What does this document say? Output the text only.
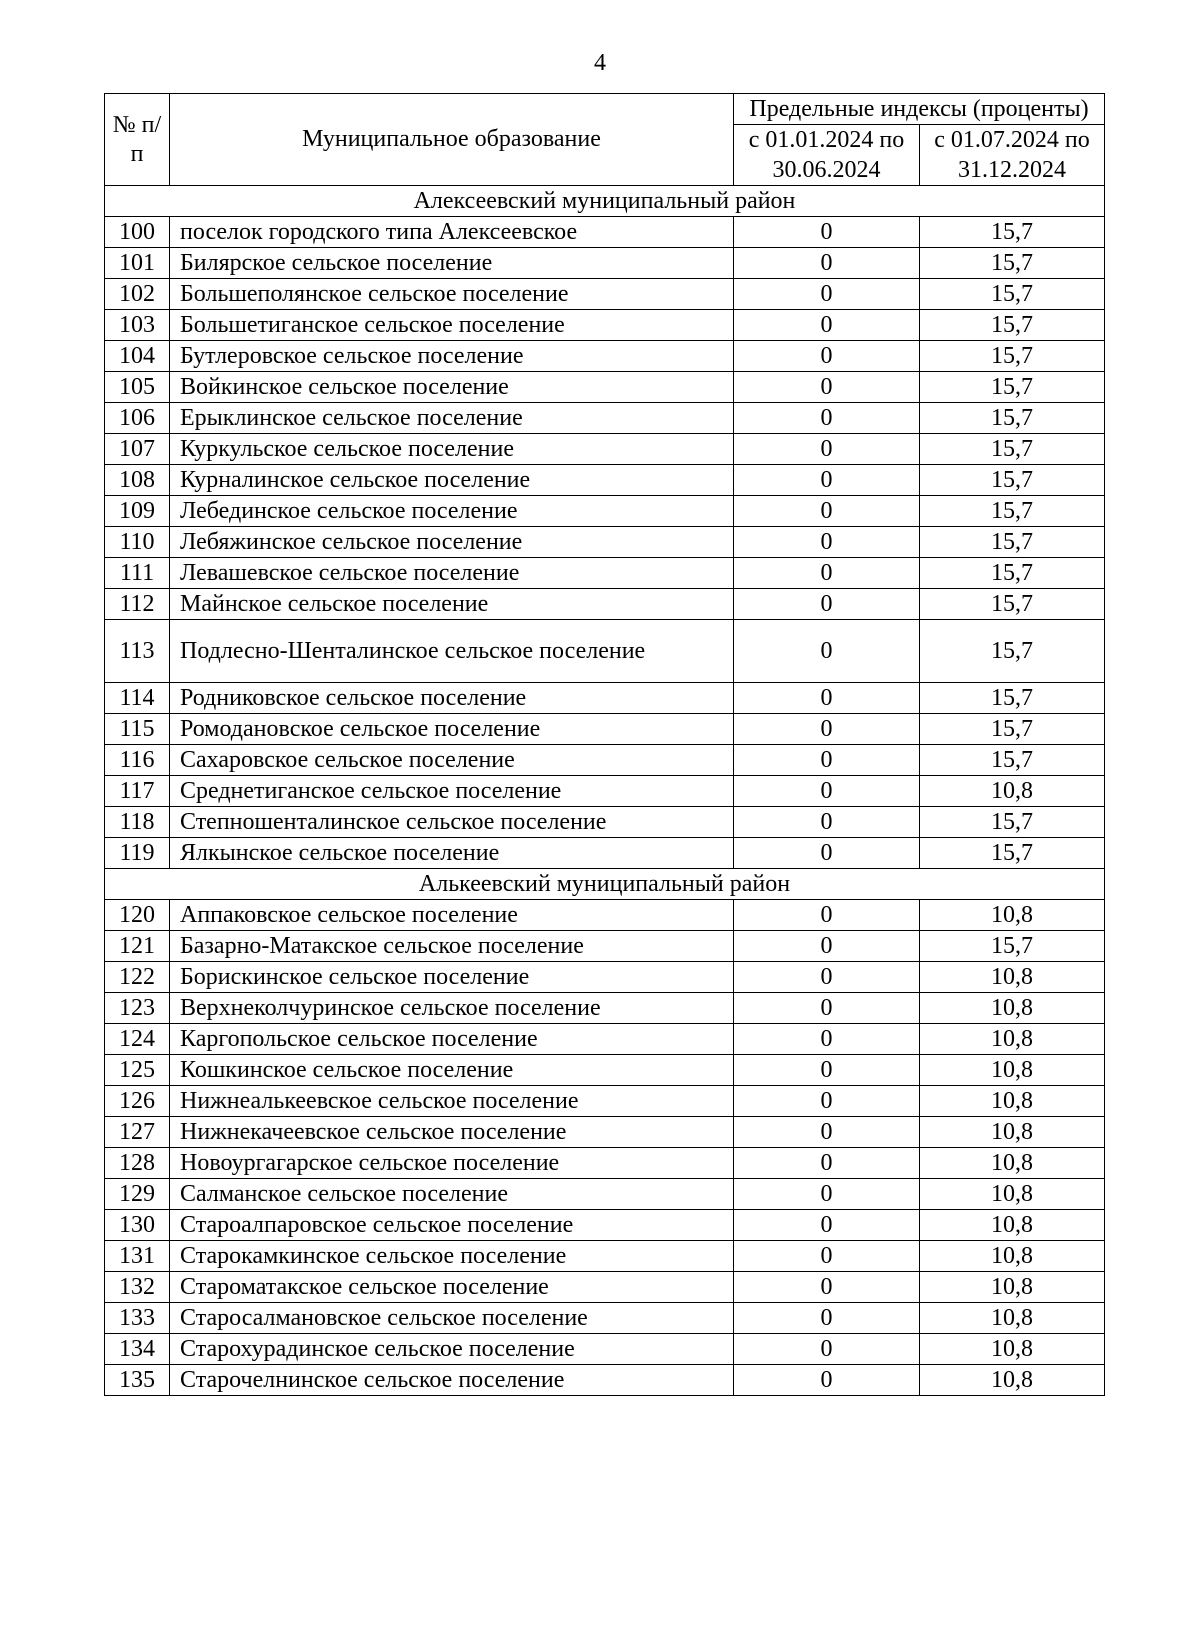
4
№ п/п	Муниципальное образование	Предельные индексы (проценты)	
		с 01.01.2024 по 30.06.2024	с 01.07.2024 по 31.12.2024
Алексеевский муниципальный район			
100	поселок городского типа Алексеевское	0	15,7
101	Билярское сельское поселение	0	15,7
102	Большеполянское сельское поселение	0	15,7
103	Большетиганское сельское поселение	0	15,7
104	Бутлеровское сельское поселение	0	15,7
105	Войкинское сельское поселение	0	15,7
106	Ерыклинское сельское поселение	0	15,7
107	Куркульское сельское поселение	0	15,7
108	Курналинское сельское поселение	0	15,7
109	Лебединское сельское поселение	0	15,7
110	Лебяжинское сельское поселение	0	15,7
111	Левашевское сельское поселение	0	15,7
112	Майнское сельское поселение	0	15,7
113	Подлесно-Шенталинское сельское поселение	0	15,7
114	Родниковское сельское поселение	0	15,7
115	Ромодановское сельское поселение	0	15,7
116	Сахаровское сельское поселение	0	15,7
117	Среднетиганское сельское поселение	0	10,8
118	Степношенталинское сельское поселение	0	15,7
119	Ялкынское сельское поселение	0	15,7
Алькеевский муниципальный район			
120	Аппаковское сельское поселение	0	10,8
121	Базарно-Матакское сельское поселение	0	15,7
122	Борискинское сельское поселение	0	10,8
123	Верхнеколчуринское сельское поселение	0	10,8
124	Каргопольское сельское поселение	0	10,8
125	Кошкинское сельское поселение	0	10,8
126	Нижнеалькеевское сельское поселение	0	10,8
127	Нижнекачеевское сельское поселение	0	10,8
128	Новоургагарское сельское поселение	0	10,8
129	Салманское сельское поселение	0	10,8
130	Староалпаровское сельское поселение	0	10,8
131	Старокамкинское сельское поселение	0	10,8
132	Староматакское сельское поселение	0	10,8
133	Старосалмановское сельское поселение	0	10,8
134	Старохурадинское сельское поселение	0	10,8
135	Старочелнинское сельское поселение	0	10,8
